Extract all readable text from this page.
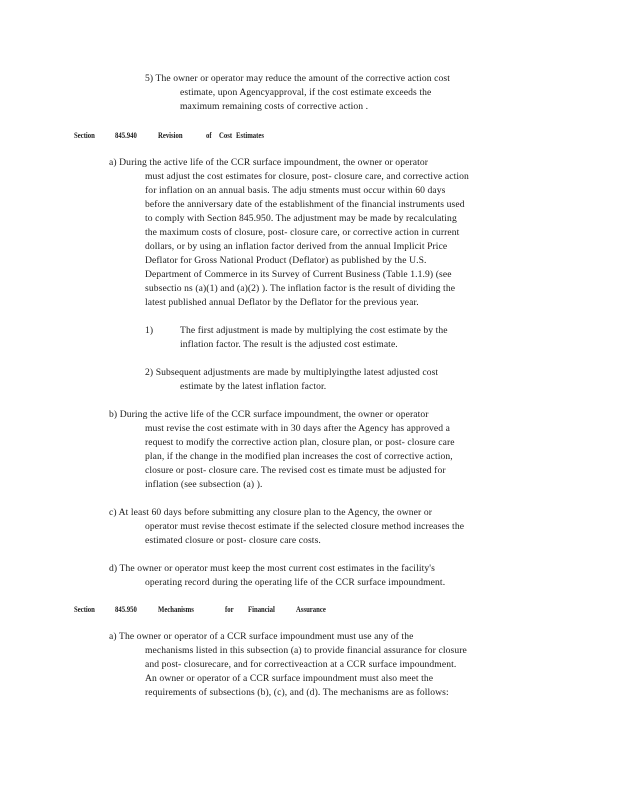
5) The owner or operator may reduce the amount of the corrective action cost
estimate, upon Agencyapproval, if the cost estimate exceeds the
maximum remaining costs of corrective action .
Section 845.940	Revision	of Cost Estimates
a) During the active life of the CCR surface impoundment, the owner or operator
must adjust the cost estimates for closure, post- closure care, and corrective action
for inflation on an annual basis. The adju stments must occur within 60 days
before the anniversary date of the establishment of the financial instruments used
to comply with Section 845.950. The adjustment may be made by recalculating
the maximum costs of closure, post- closure care, or corrective action in current
dollars, or by using an inflation factor derived from the annual Implicit Price
Deflator for Gross National Product (Deflator) as published by the U.S.
Department of Commerce in its Survey of Current Business (Table 1.1.9) (see
subsectio ns (a)(1) and (a)(2) ). The inflation factor is the result of dividing the
latest published annual Deflator by the Deflator for the previous year.
1)	The first adjustment is made by multiplying the cost estimate by the
inflation factor. The result is the adjusted cost estimate.
2) Subsequent adjustments are made by multiplyingthe latest adjusted cost
estimate by the latest inflation factor.
b) During the active life of the CCR surface impoundment, the owner or operator
must revise the cost estimate with in 30 days after the Agency has approved a
request to modify the corrective action plan, closure plan, or post- closure care
plan, if the change in the modified plan increases the cost of corrective action,
closure or post- closure care. The revised cost es timate must be adjusted for
inflation (see subsection (a) ).
c) At least 60 days before submitting any closure plan to the Agency, the owner or
operator must revise thecost estimate if the selected closure method increases the
estimated closure or post- closure care costs.
d) The owner or operator must keep the most current cost estimates in the facility's
operating record during the operating life of the CCR surface impoundment.
Section 845.950	Mechanisms	for Financial	Assurance
a) The owner or operator of a CCR surface impoundment must use any of the
mechanisms listed in this subsection (a) to provide financial assurance for closure
and post- closurecare, and for correctiveaction at a CCR surface impoundment.
An owner or operator of a CCR surface impoundment must also meet the
requirements of subsections (b), (c), and (d). The mechanisms are as follows:
